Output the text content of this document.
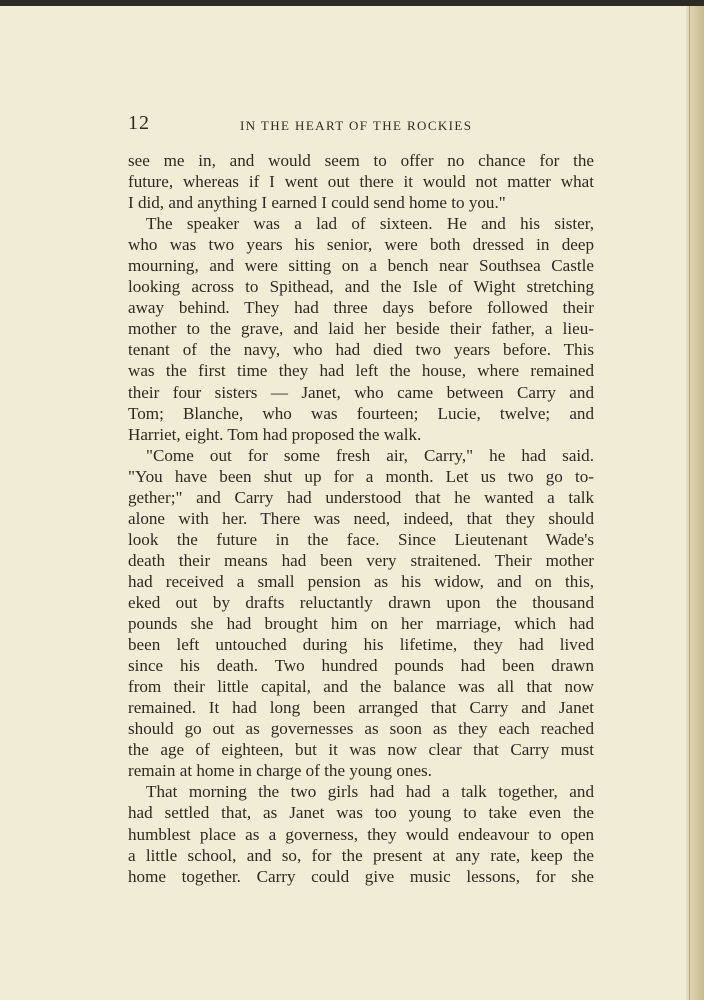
12	IN THE HEART OF THE ROCKIES
see me in, and would seem to offer no chance for the
future, whereas if I went out there it would not matter what
I did, and anything I earned I could send home to you."
The speaker was a lad of sixteen. He and his sister,
who was two years his senior, were both dressed in deep
mourning, and were sitting on a bench near Southsea Castle
looking across to Spithead, and the Isle of Wight stretching
away behind. They had three days before followed their
mother to the grave, and laid her beside their father, a lieu-
tenant of the navy, who had died two years before. This
was the first time they had left the house, where remained
their four sisters — Janet, who came between Carry and
Tom; Blanche, who was fourteen; Lucie, twelve; and
Harriet, eight. Tom had proposed the walk.
"Come out for some fresh air, Carry," he had said.
"You have been shut up for a month. Let us two go to-
gether;" and Carry had understood that he wanted a talk
alone with her. There was need, indeed, that they should
look the future in the face. Since Lieutenant Wade's
death their means had been very straitened. Their mother
had received a small pension as his widow, and on this,
eked out by drafts reluctantly drawn upon the thousand
pounds she had brought him on her marriage, which had
been left untouched during his lifetime, they had lived
since his death. Two hundred pounds had been drawn
from their little capital, and the balance was all that now
remained. It had long been arranged that Carry and Janet
should go out as governesses as soon as they each reached
the age of eighteen, but it was now clear that Carry must
remain at home in charge of the young ones.
That morning the two girls had had a talk together, and
had settled that, as Janet was too young to take even the
humblest place as a governess, they would endeavour to open
a little school, and so, for the present at any rate, keep the
home together. Carry could give music lessons, for she
